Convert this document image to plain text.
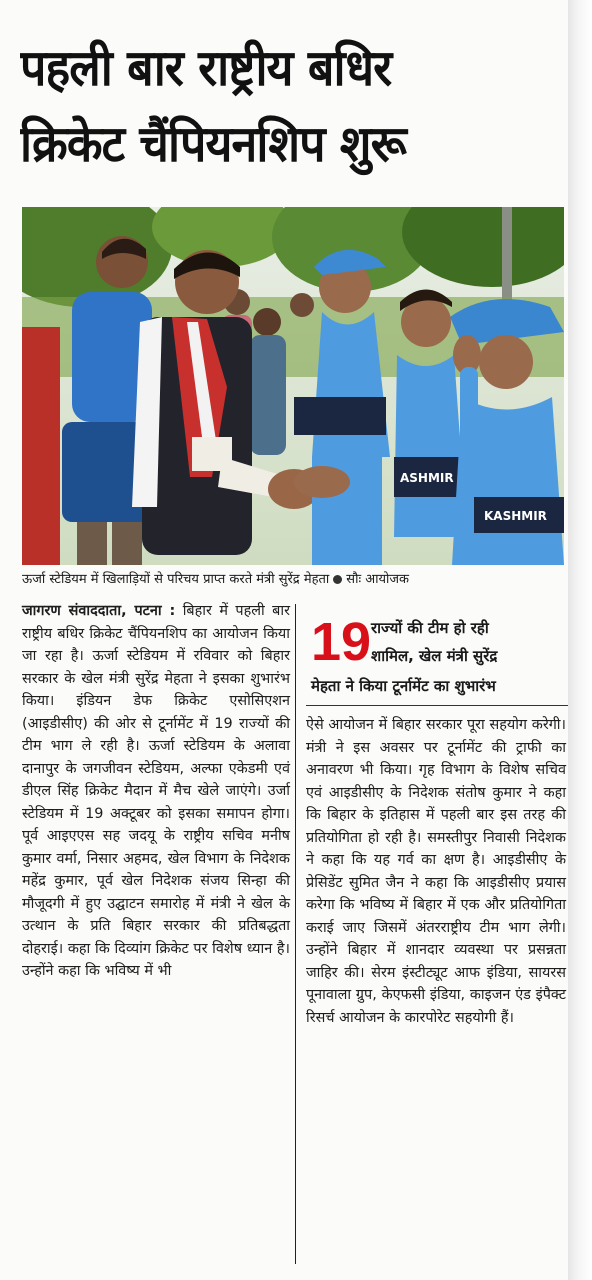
पहली बार राष्ट्रीय बधिर
क्रिकेट चैंपियनशिप शुरू
ASHMIR
KASHMIR
ऊर्जा स्टेडियम में खिलाड़ियों से परिचय प्राप्त करते मंत्री सुरेंद्र मेहता सौः आयोजक

जागरण संवाददाता, पटना : बिहार में पहली बार राष्ट्रीय बधिर क्रिकेट चैंपियनशिप का आयोजन किया जा रहा है। ऊर्जा स्टेडियम में रविवार को बिहार सरकार के खेल मंत्री सुरेंद्र मेहता ने इसका शुभारंभ किया। इंडियन डेफ क्रिकेट एसोसिएशन (आइडीसीए) की ओर से टूर्नामेंट में 19 राज्यों की टीम भाग ले रही है। ऊर्जा स्टेडियम के अलावा दानापुर के जगजीवन स्टेडियम, अल्फा एकेडमी एवं डीएल सिंह क्रिकेट मैदान में मैच खेले जाएंगे। उर्जा स्टेडियम में 19 अक्टूबर को इसका समापन होगा। पूर्व आइएएस सह जदयू के राष्ट्रीय सचिव मनीष कुमार वर्मा, निसार अहमद, खेल विभाग के निदेशक महेंद्र कुमार, पूर्व खेल निदेशक संजय सिन्हा की मौजूदगी में हुए उद्घाटन समारोह में मंत्री ने खेल के उत्थान के प्रति बिहार सरकार की प्रतिबद्धता दोहराई। कहा कि दिव्यांग क्रिकेट पर विशेष ध्यान है। उन्होंने कहा कि भविष्य में भी

19 राज्यों की टीम हो रही
शामिल, खेल मंत्री सुरेंद्र
मेहता ने किया टूर्नामेंट का शुभारंभ

ऐसे आयोजन में बिहार सरकार पूरा सहयोग करेगी। मंत्री ने इस अवसर पर टूर्नामेंट की ट्राफी का अनावरण भी किया। गृह विभाग के विशेष सचिव एवं आइडीसीए के निदेशक संतोष कुमार ने कहा कि बिहार के इतिहास में पहली बार इस तरह की प्रतियोगिता हो रही है। समस्तीपुर निवासी निदेशक ने कहा कि यह गर्व का क्षण है। आइडीसीए के प्रेसिडेंट सुमित जैन ने कहा कि आइडीसीए प्रयास करेगा कि भविष्य में बिहार में एक और प्रतियोगिता कराई जाए जिसमें अंतरराष्ट्रीय टीम भाग लेगी। उन्होंने बिहार में शानदार व्यवस्था पर प्रसन्नता जाहिर की। सेरम इंस्टीट्यूट आफ इंडिया, सायरस पूनावाला ग्रुप, केएफसी इंडिया, काइजन एंड इंपैक्ट रिसर्च आयोजन के कारपोरेट सहयोगी हैं।
